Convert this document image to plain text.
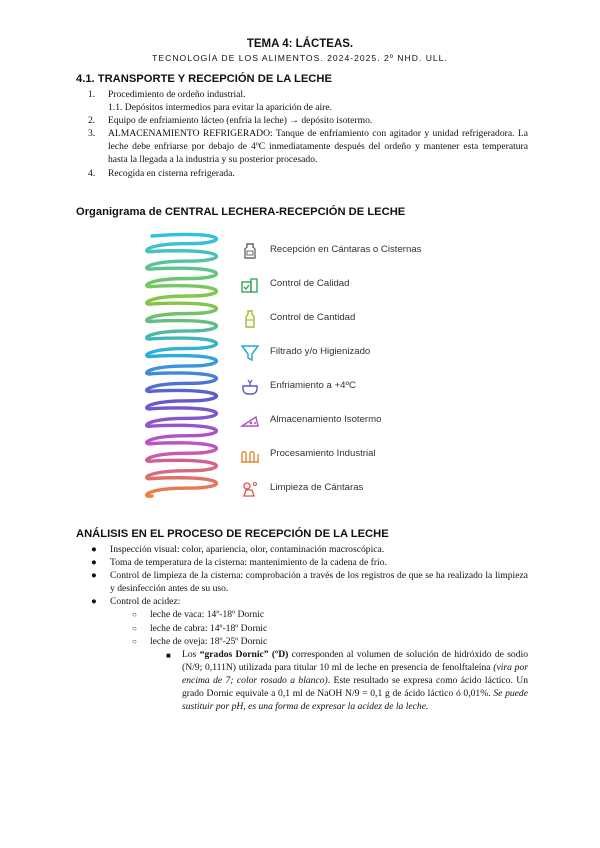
TEMA 4: LÁCTEAS.
TECNOLOGÍA DE LOS ALIMENTOS. 2024-2025. 2º NHD. ULL.
4.1. TRANSPORTE Y RECEPCIÓN DE LA LECHE
1. Procedimiento de ordeño industrial.
1.1. Depósitos intermedios para evitar la aparición de aire.
2. Equipo de enfriamiento lácteo (enfría la leche) → depósito isotermo.
3. ALMACENAMIENTO REFRIGERADO: Tanque de enfriamiento con agitador y unidad refrigeradora. La leche debe enfriarse por debajo de 4ºC inmediatamente después del ordeño y mantener esta temperatura hasta la llegada a la industria y su posterior procesado.
4. Recogida en cisterna refrigerada.
Organigrama de CENTRAL LECHERA-RECEPCIÓN DE LECHE
Recepción en Cántaras o Cisternas
Control de Calidad
Control de Cantidad
Filtrado y/o Higienizado
Enfriamiento a +4ºC
Almacenamiento Isotermo
Procesamiento Industrial
Limpieza de Cántaras
ANÁLISIS EN EL PROCESO DE RECEPCIÓN DE LA LECHE
● Inspección visual: color, apariencia, olor, contaminación macroscópica.
● Toma de temperatura de la cisterna: mantenimiento de la cadena de frío.
● Control de limpieza de la cisterna: comprobación a través de los registros de que se ha realizado la limpieza y desinfección antes de su uso.
● Control de acidez:
○ leche de vaca: 14º-18º Dornic
○ leche de cabra: 14º-18º Dornic
○ leche de oveja: 18º-25º Dornic
■ Los “grados Dornic” (ºD) corresponden al volumen de solución de hidróxido de sodio (N/9; 0,111N) utilizada para titular 10 ml de leche en presencia de fenolftaleína (vira por encima de 7; color rosado a blanco). Este resultado se expresa como ácido láctico. Un grado Dornic equivale a 0,1 ml de NaOH N/9 = 0,1 g de ácido láctico ó 0,01%. Se puede sustituir por pH, es una forma de expresar la acidez de la leche.
